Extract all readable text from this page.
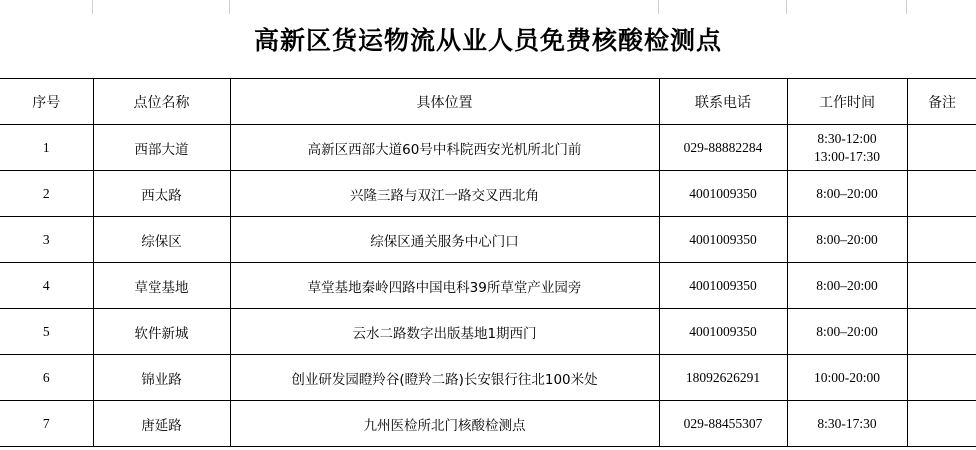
高新区货运物流从业人员免费核酸检测点
序号	点位名称	具体位置	联系电话	工作时间	备注
1	西部大道	高新区西部大道60号中科院西安光机所北门前	029-88882284	8:30-12:00
13:00-17:30	

2	西太路	兴隆三路与双江一路交叉西北角	4001009350	8:00–20:00	

3	综保区	综保区通关服务中心门口	4001009350	8:00–20:00	

4	草堂基地	草堂基地秦岭四路中国电科39所草堂产业园旁	4001009350	8:00–20:00	

5	软件新城	云水二路数字出版基地1期西门	4001009350	8:00–20:00	

6	锦业路	创业研发园瞪羚谷(瞪羚二路)长安银行往北100米处	18092626291	10:00-20:00	

7	唐延路	九州医检所北门核酸检测点	029-88455307	8:30-17:30	
